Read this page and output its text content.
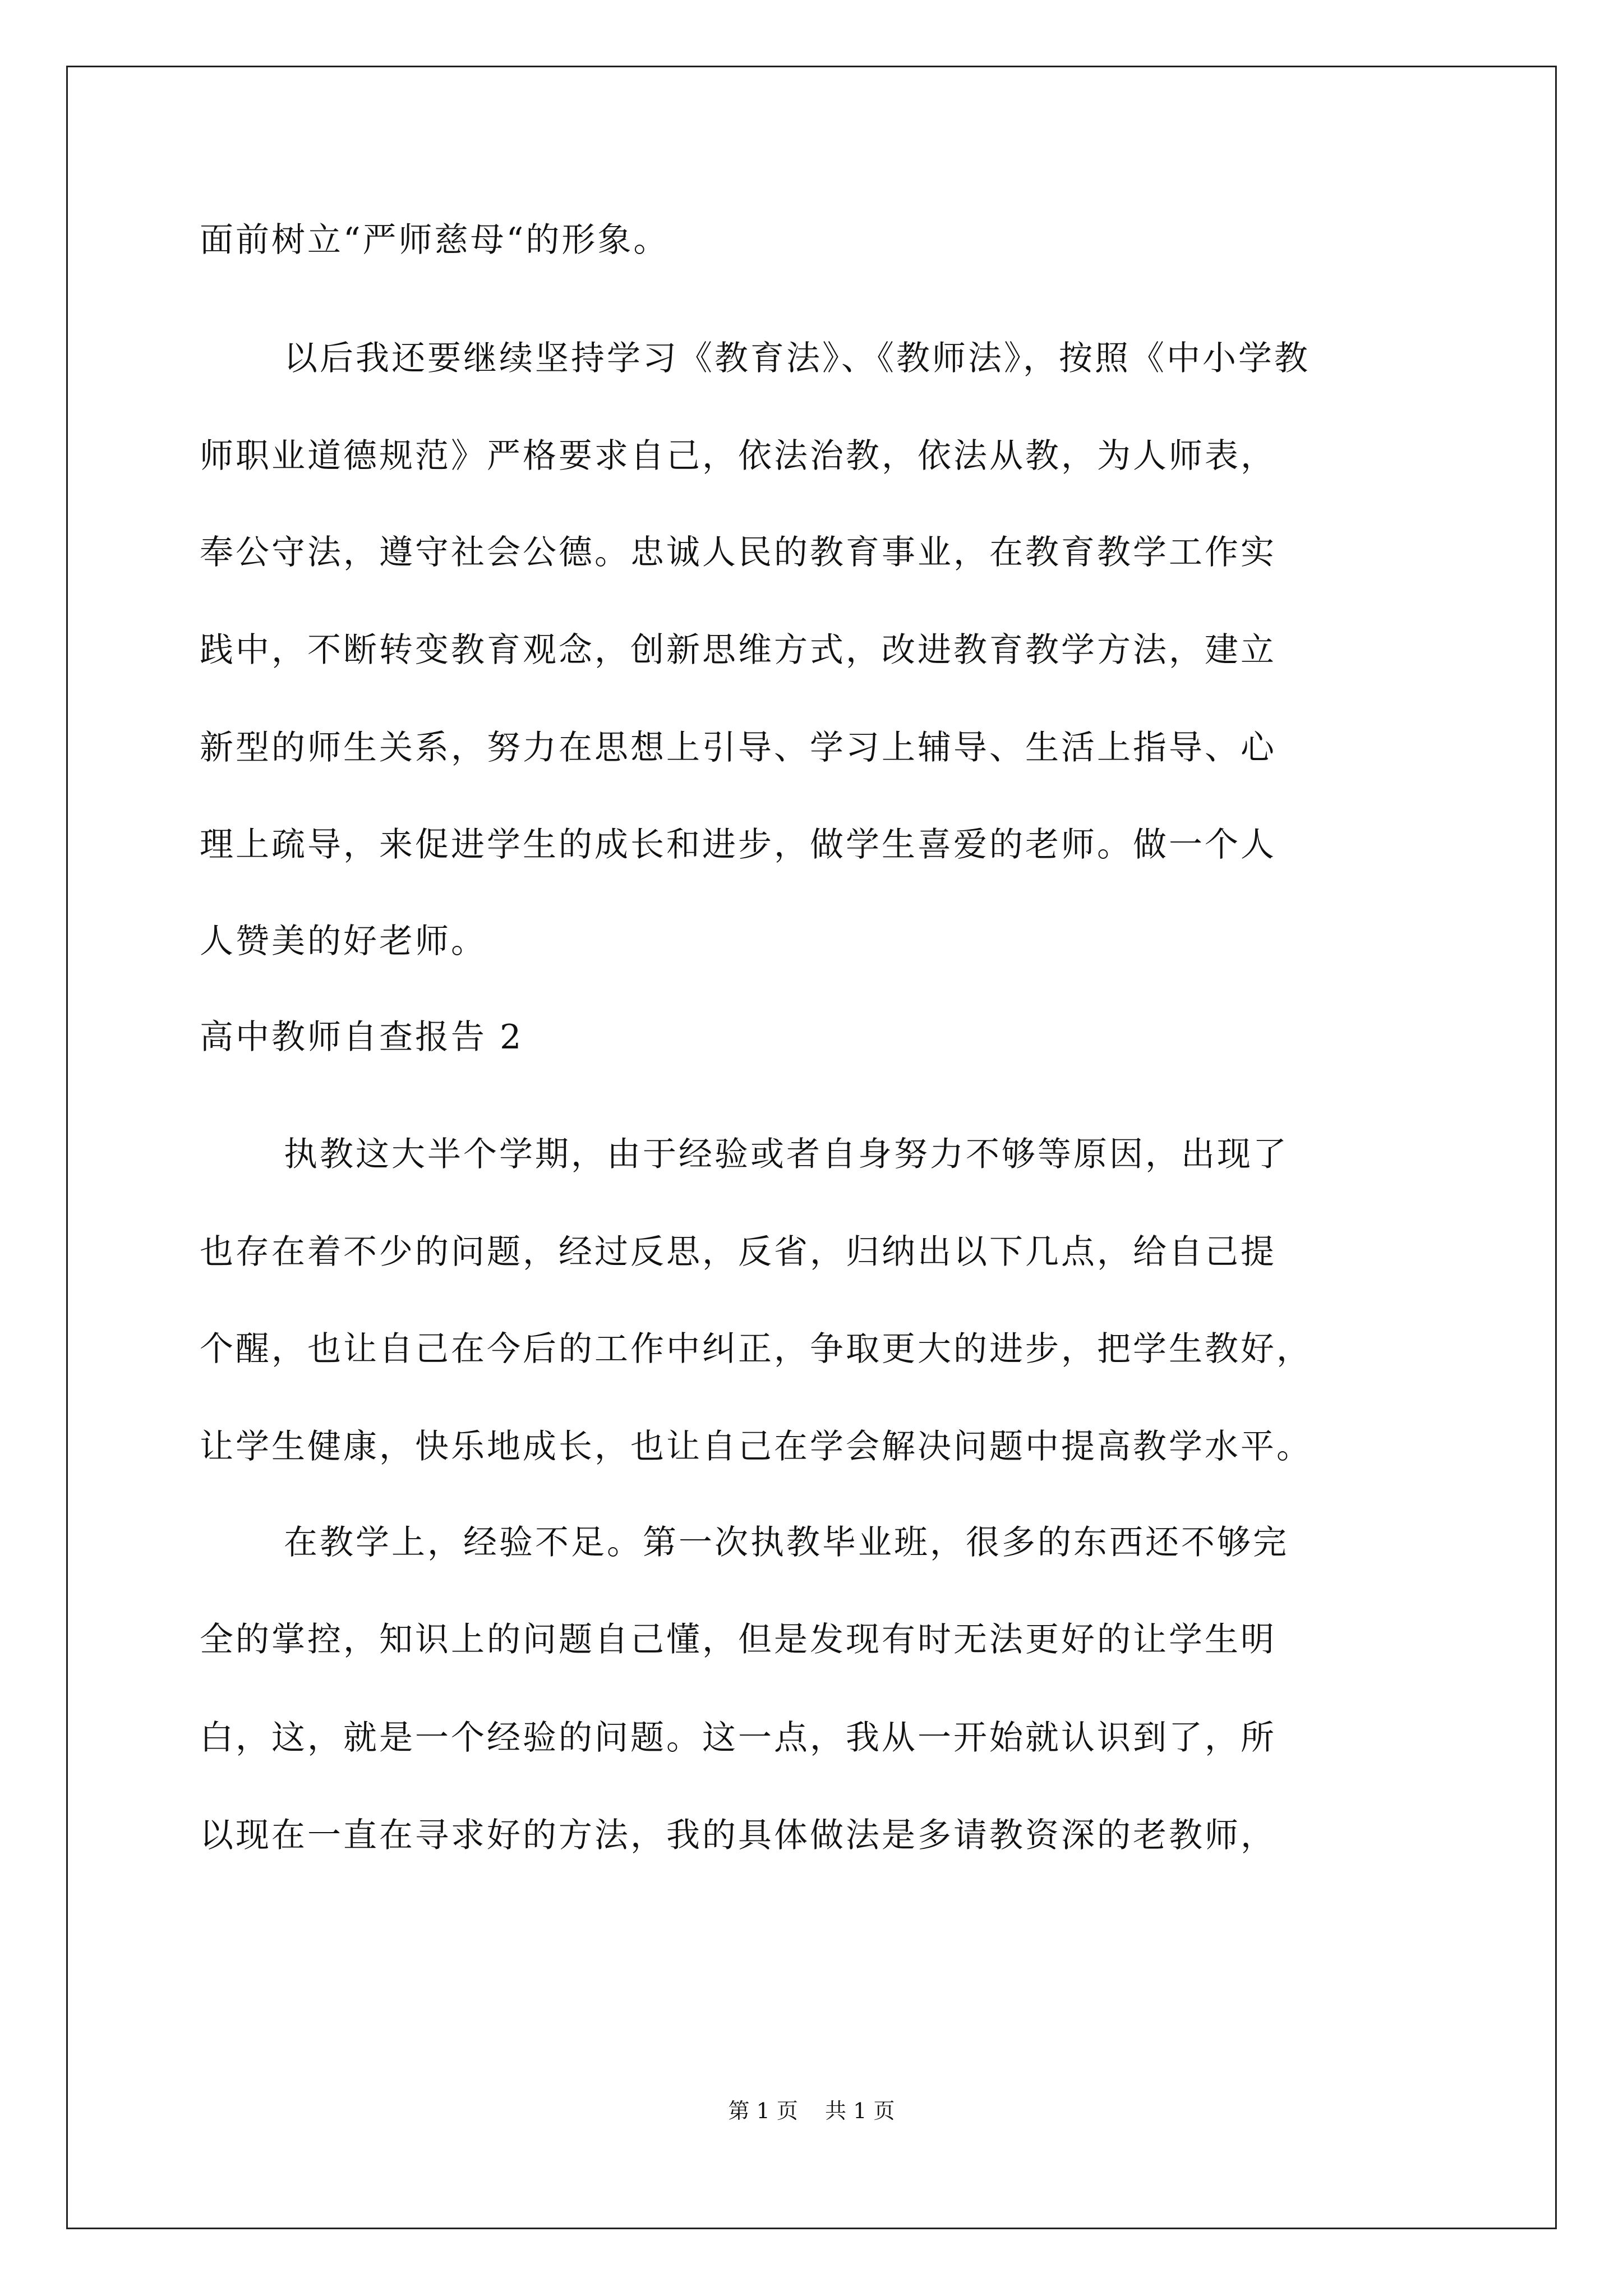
面前树立“严师慈母“的形象。
以后我还要继续坚持学习《教育法》、《教师法》，按照《中小学教
师职业道德规范》严格要求自己，依法治教，依法从教，为人师表，
奉公守法，遵守社会公德。忠诚人民的教育事业，在教育教学工作实
践中，不断转变教育观念，创新思维方式，改进教育教学方法，建立
新型的师生关系，努力在思想上引导、学习上辅导、生活上指导、心
理上疏导，来促进学生的成长和进步，做学生喜爱的老师。做一个人
人赞美的好老师。
高中教师自查报告 2
执教这大半个学期，由于经验或者自身努力不够等原因，出现了
也存在着不少的问题，经过反思，反省，归纳出以下几点，给自己提
个醒，也让自己在今后的工作中纠正，争取更大的进步，把学生教好，
让学生健康，快乐地成长，也让自己在学会解决问题中提高教学水平。
在教学上，经验不足。第一次执教毕业班，很多的东西还不够完
全的掌控，知识上的问题自己懂，但是发现有时无法更好的让学生明
白，这，就是一个经验的问题。这一点，我从一开始就认识到了，所
以现在一直在寻求好的方法，我的具体做法是多请教资深的老教师，
第 1 页    共 1 页
